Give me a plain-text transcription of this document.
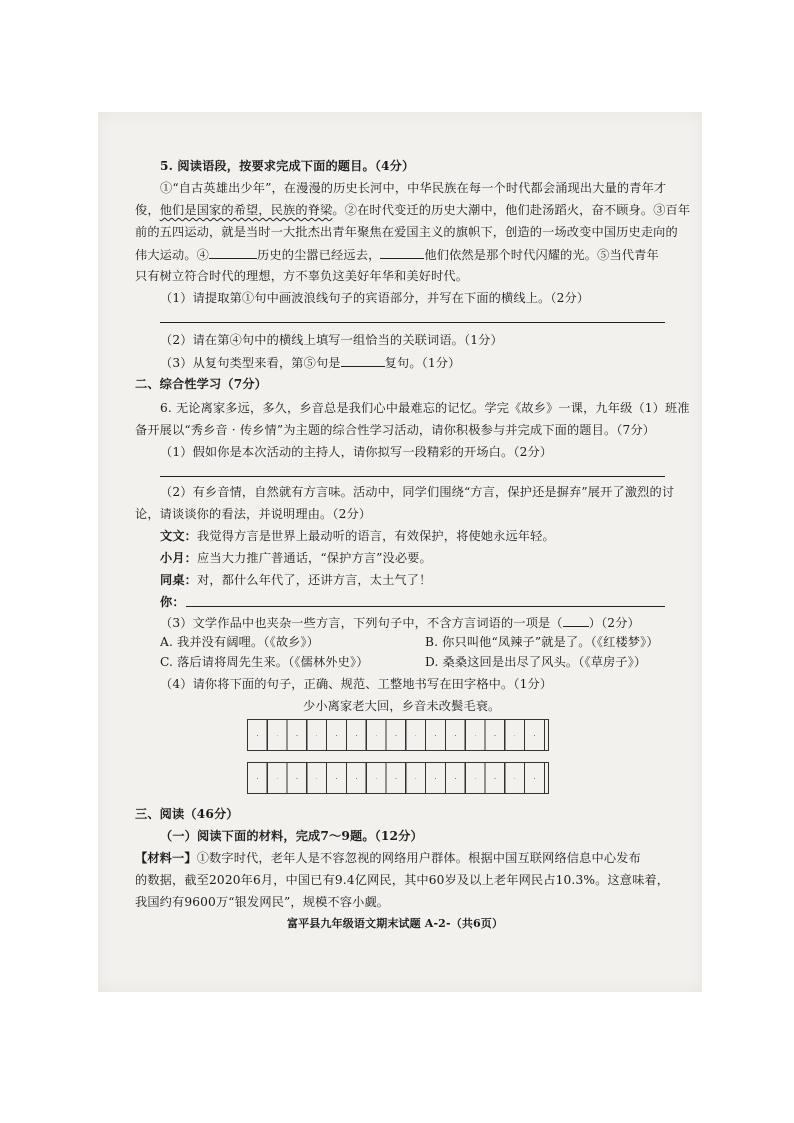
5. 阅读语段，按要求完成下面的题目。（4分）
①“自古英雄出少年”，在漫漫的历史长河中，中华民族在每一个时代都会涌现出大量的青年才
俊，他们是国家的希望，民族的脊梁。②在时代变迁的历史大潮中，他们赴汤蹈火，奋不顾身。③百年
前的五四运动，就是当时一大批杰出青年聚焦在爱国主义的旗帜下，创造的一场改变中国历史走向的
伟大运动。④	历史的尘嚣已经远去，	他们依然是那个时代闪耀的光。⑤当代青年
只有树立符合时代的理想，方不辜负这美好年华和美好时代。
（1）请提取第①句中画波浪线句子的宾语部分，并写在下面的横线上。（2分）
（2）请在第④句中的横线上填写一组恰当的关联词语。（1分）
（3）从复句类型来看，第⑤句是	复句。（1分）
二、综合性学习（7分）
6. 无论离家多远，多久，乡音总是我们心中最难忘的记忆。学完《故乡》一课，九年级（1）班准
备开展以“秀乡音 · 传乡情”为主题的综合性学习活动，请你积极参与并完成下面的题目。（7分）
（1）假如你是本次活动的主持人，请你拟写一段精彩的开场白。（2分）
（2）有乡音情，自然就有方言味。活动中，同学们围绕“方言，保护还是摒弃”展开了激烈的讨
论，请谈谈你的看法，并说明理由。（2分）
文文：我觉得方言是世界上最动听的语言，有效保护，将使她永远年轻。
小月：应当大力推广普通话，“保护方言”没必要。
同桌：对，都什么年代了，还讲方言，太土气了！
你：
（3）文学作品中也夹杂一些方言，下列句子中，不含方言词语的一项是（ ）（2分）
A. 我并没有阔哩。（《故乡》）	B. 你只叫他“凤辣子”就是了。（《红楼梦》）
C. 落后请将周先生来。（《儒林外史》）	D. 桑桑这回是出尽了风头。（《草房子》）
（4）请你将下面的句子，正确、规范、工整地书写在田字格中。（1分）
少小离家老大回，乡音未改鬓毛衰。
三、阅读（46分）
（一）阅读下面的材料，完成7～9题。（12分）
【材料一】①数字时代，老年人是不容忽视的网络用户群体。根据中国互联网络信息中心发布
的数据，截至2020年6月，中国已有9.4亿网民，其中60岁及以上老年网民占10.3%。这意味着，
我国约有9600万“银发网民”，规模不容小觑。
富平县九年级语文期末试题 A-2-（共6页）
